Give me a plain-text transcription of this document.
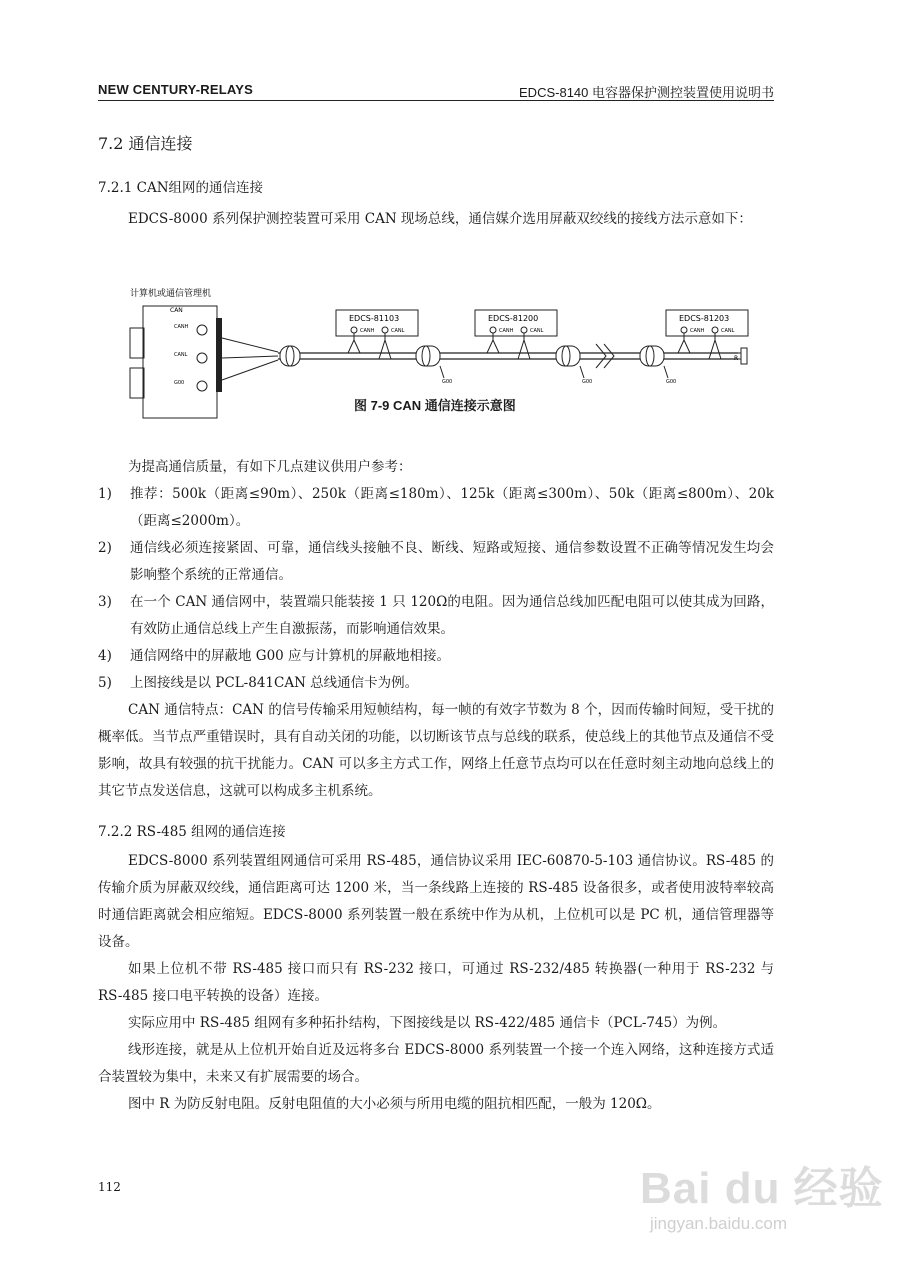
NEW CENTURY-RELAYS	EDCS-8140 电容器保护测控装置使用说明书
7.2 通信连接
7.2.1 CAN组网的通信连接

EDCS-8000 系列保护测控装置可采用 CAN 现场总线，通信媒介选用屏蔽双绞线的接线方法示意如下：

计算机或通信管理机
CAN
CANH
CANL
G00	G00	G00	G00
EDCS-81103
CANH	CANL
EDCS-81200
CANH	CANL
EDCS-81203
CANH	CANL
R
图 7-9 CAN 通信连接示意图

为提高通信质量，有如下几点建议供用户参考：

1) 推荐：500k（距离≤90m）、250k（距离≤180m）、125k（距离≤300m）、50k（距离≤800m）、20k（距离≤2000m）。
2) 通信线必须连接紧固、可靠，通信线头接触不良、断线、短路或短接、通信参数设置不正确等情况发生均会影响整个系统的正常通信。
3) 在一个 CAN 通信网中，装置端只能装接 1 只 120Ω的电阻。因为通信总线加匹配电阻可以使其成为回路，有效防止通信总线上产生自激振荡，而影响通信效果。
4) 通信网络中的屏蔽地 G00 应与计算机的屏蔽地相接。
5) 上图接线是以 PCL-841CAN 总线通信卡为例。

CAN 通信特点：CAN 的信号传输采用短帧结构，每一帧的有效字节数为 8 个，因而传输时间短，受干扰的概率低。当节点严重错误时，具有自动关闭的功能，以切断该节点与总线的联系，使总线上的其他节点及通信不受影响，故具有较强的抗干扰能力。CAN 可以多主方式工作，网络上任意节点均可以在任意时刻主动地向总线上的其它节点发送信息，这就可以构成多主机系统。

7.2.2 RS-485 组网的通信连接

EDCS-8000 系列装置组网通信可采用 RS-485，通信协议采用 IEC-60870-5-103 通信协议。RS-485 的传输介质为屏蔽双绞线，通信距离可达 1200 米，当一条线路上连接的 RS-485 设备很多，或者使用波特率较高时通信距离就会相应缩短。EDCS-8000 系列装置一般在系统中作为从机，上位机可以是 PC 机，通信管理器等设备。

如果上位机不带 RS-485 接口而只有 RS-232 接口，可通过 RS-232/485 转换器(一种用于 RS-232 与 RS-485 接口电平转换的设备）连接。

实际应用中 RS-485 组网有多种拓扑结构，下图接线是以 RS-422/485 通信卡（PCL-745）为例。

线形连接，就是从上位机开始自近及远将多台 EDCS-8000 系列装置一个接一个连入网络，这种连接方式适合装置较为集中，未来又有扩展需要的场合。

图中 R 为防反射电阻。反射电阻值的大小必须与所用电缆的阻抗相匹配，一般为 120Ω。

112	Bai du 经验
jingyan.baidu.com
